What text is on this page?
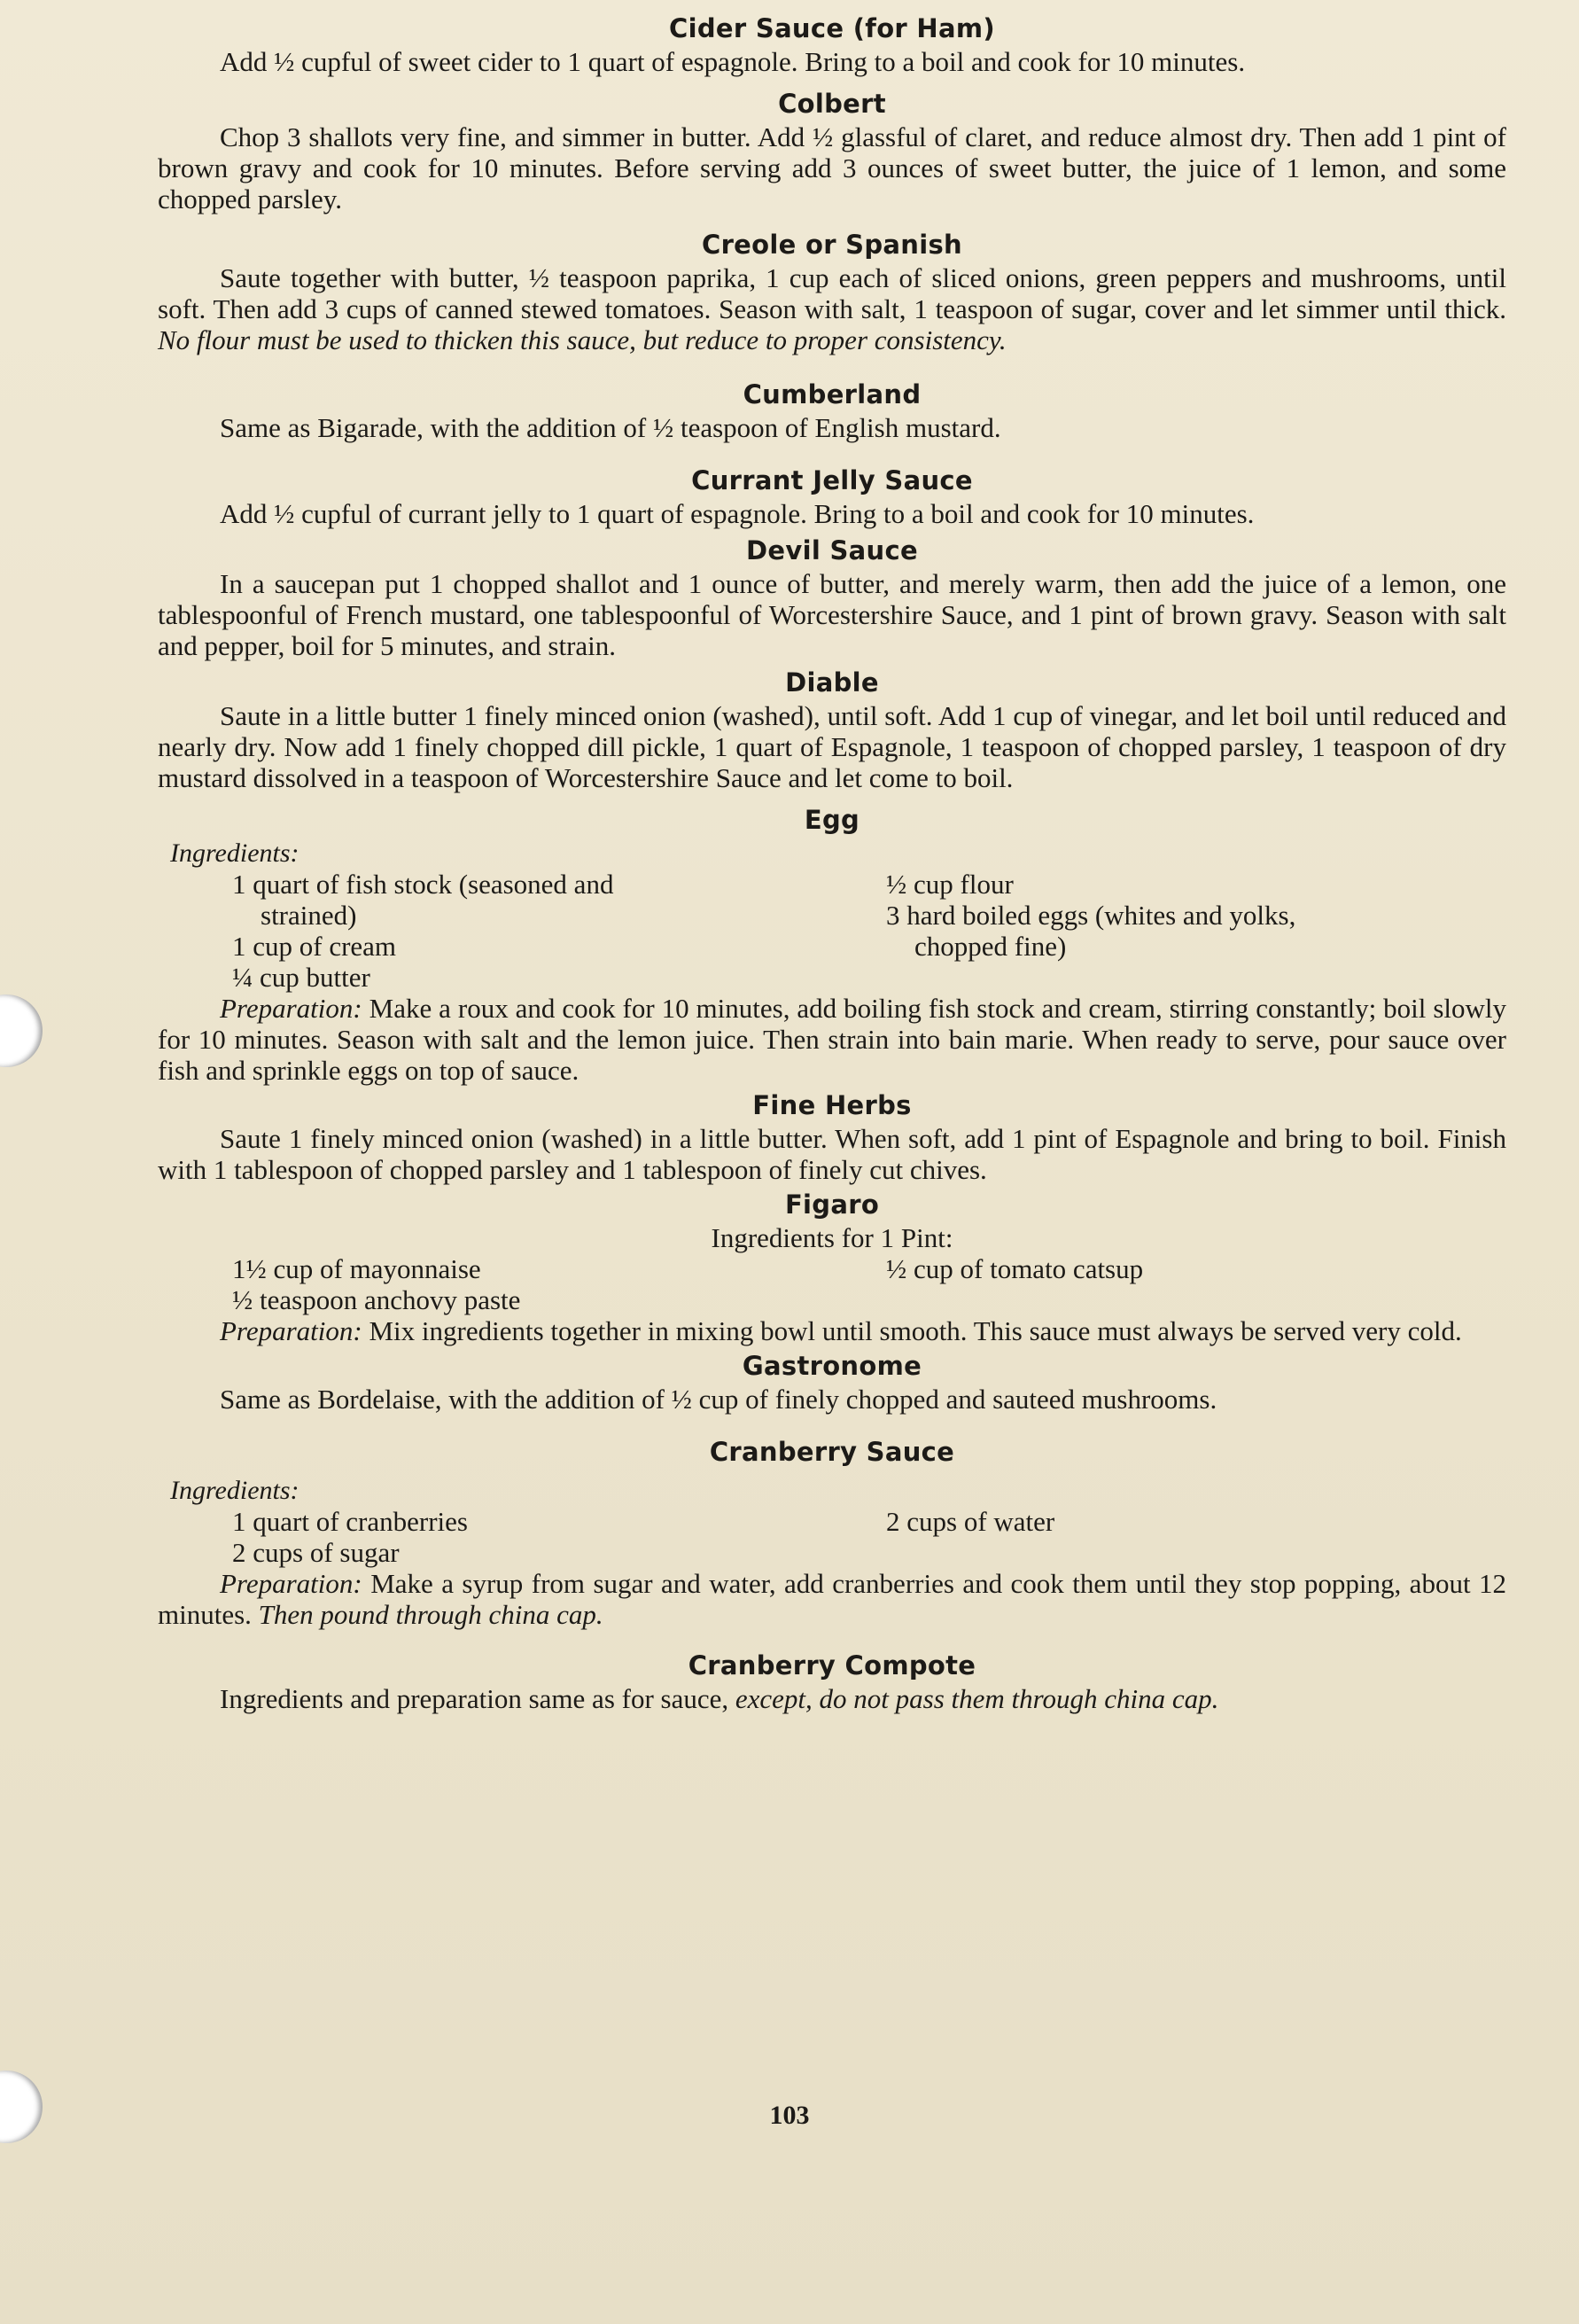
Cider Sauce (for Ham)

Add ½ cupful of sweet cider to 1 quart of espagnole. Bring to a boil and cook for 10 minutes.

Colbert

Chop 3 shallots very fine, and simmer in butter. Add ½ glassful of claret, and reduce almost dry. Then add 1 pint of brown gravy and cook for 10 minutes. Before serving add 3 ounces of sweet butter, the juice of 1 lemon, and some chopped parsley.

Creole or Spanish

Saute together with butter, ½ teaspoon paprika, 1 cup each of sliced onions, green peppers and mushrooms, until soft. Then add 3 cups of canned stewed tomatoes. Season with salt, 1 teaspoon of sugar, cover and let simmer until thick. No flour must be used to thicken this sauce, but reduce to proper consistency.

Cumberland

Same as Bigarade, with the addition of ½ teaspoon of English mustard.

Currant Jelly Sauce

Add ½ cupful of currant jelly to 1 quart of espagnole. Bring to a boil and cook for 10 minutes.

Devil Sauce

In a saucepan put 1 chopped shallot and 1 ounce of butter, and merely warm, then add the juice of a lemon, one tablespoonful of French mustard, one tablespoonful of Worcestershire Sauce, and 1 pint of brown gravy. Season with salt and pepper, boil for 5 minutes, and strain.

Diable

Saute in a little butter 1 finely minced onion (washed), until soft. Add 1 cup of vinegar, and let boil until reduced and nearly dry. Now add 1 finely chopped dill pickle, 1 quart of Espagnole, 1 teaspoon of chopped parsley, 1 teaspoon of dry mustard dissolved in a teaspoon of Worcestershire Sauce and let come to boil.

Egg
Ingredients:

1 quart of fish stock (seasoned and

strained)

1 cup of cream

¼ cup butter

½ cup flour

3 hard boiled eggs (whites and yolks,

chopped fine)

Preparation: Make a roux and cook for 10 minutes, add boiling fish stock and cream, stirring constantly; boil slowly for 10 minutes. Season with salt and the lemon juice. Then strain into bain marie. When ready to serve, pour sauce over fish and sprinkle eggs on top of sauce.

Fine Herbs

Saute 1 finely minced onion (washed) in a little butter. When soft, add 1 pint of Espagnole and bring to boil. Finish with 1 tablespoon of chopped parsley and 1 tablespoon of finely cut chives.

Figaro
Ingredients for 1 Pint:

1½ cup of mayonnaise

½ teaspoon anchovy paste

½ cup of tomato catsup

Preparation: Mix ingredients together in mixing bowl until smooth. This sauce must always be served very cold.

Gastronome

Same as Bordelaise, with the addition of ½ cup of finely chopped and sauteed mushrooms.

Cranberry Sauce
Ingredients:

1 quart of cranberries

2 cups of sugar

2 cups of water

Preparation: Make a syrup from sugar and water, add cranberries and cook them until they stop popping, about 12 minutes. Then pound through china cap.

Cranberry Compote

Ingredients and preparation same as for sauce, except, do not pass them through china cap.

103
